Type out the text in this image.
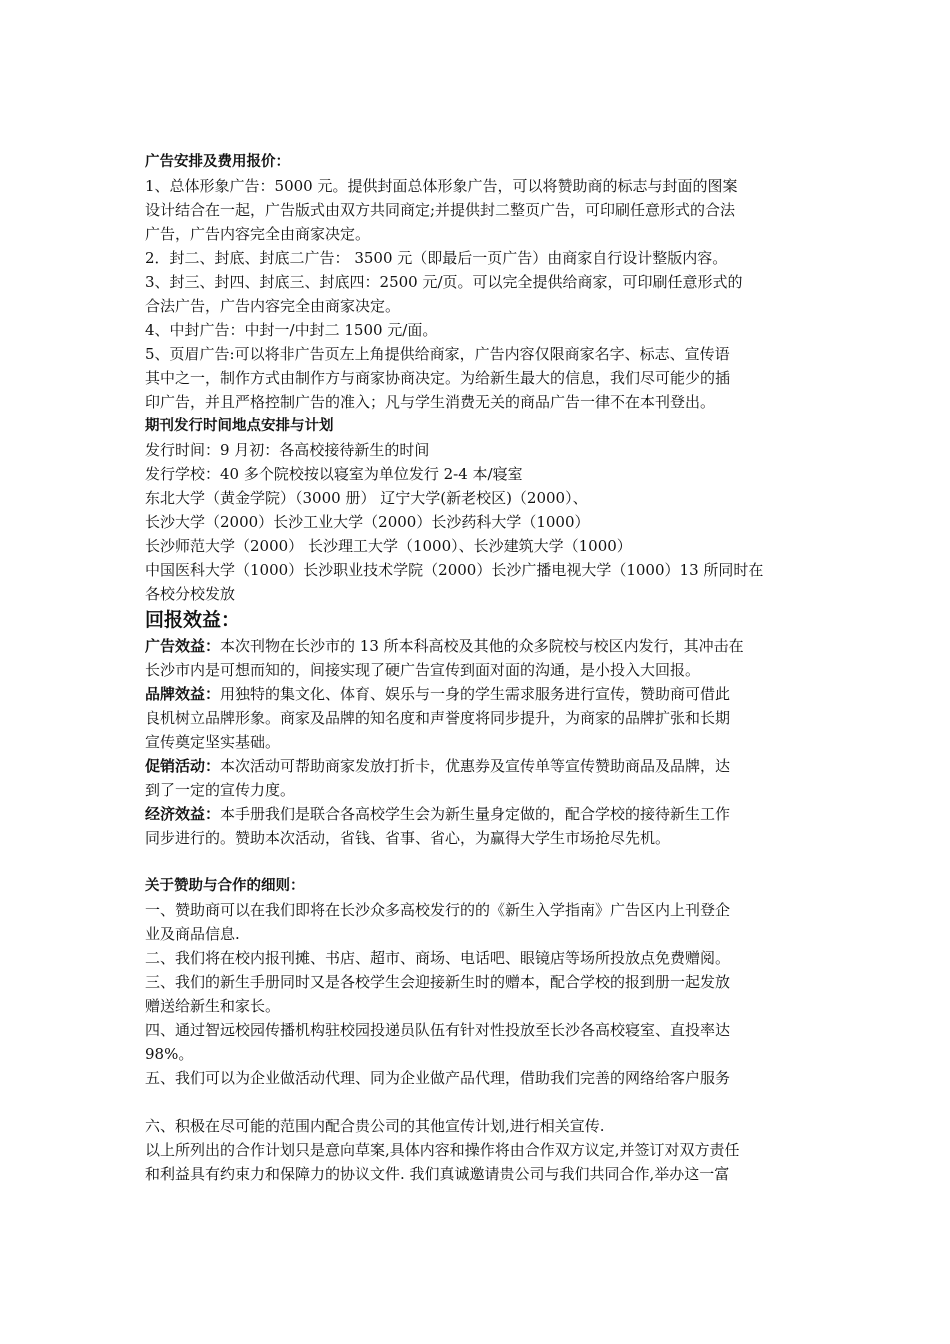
广告安排及费用报价：
1、总体形象广告：5000 元。提供封面总体形象广告，可以将赞助商的标志与封面的图案
设计结合在一起，广告版式由双方共同商定;并提供封二整页广告，可印刷任意形式的合法
广告，广告内容完全由商家决定。
2．封二、封底、封底二广告： 3500 元（即最后一页广告）由商家自行设计整版内容。
3、封三、封四、封底三、封底四：2500 元/页。可以完全提供给商家，可印刷任意形式的
合法广告，广告内容完全由商家决定。
4、中封广告：中封一/中封二 1500 元/面。
5、页眉广告:可以将非广告页左上角提供给商家，广告内容仅限商家名字、标志、宣传语
其中之一，制作方式由制作方与商家协商决定。为给新生最大的信息，我们尽可能少的插
印广告，并且严格控制广告的准入；凡与学生消费无关的商品广告一律不在本刊登出。
期刊发行时间地点安排与计划
发行时间：9 月初：各高校接待新生的时间
发行学校：40 多个院校按以寝室为单位发行 2-4 本/寝室
东北大学（黄金学院）（3000 册） 辽宁大学(新老校区)（2000）、
长沙大学（2000）长沙工业大学（2000）长沙药科大学（1000）
长沙师范大学（2000） 长沙理工大学（1000）、长沙建筑大学（1000）
中国医科大学（1000）长沙职业技术学院（2000）长沙广播电视大学（1000）13 所同时在
各校分校发放
回报效益：
广告效益：本次刊物在长沙市的 13 所本科高校及其他的众多院校与校区内发行，其冲击在
长沙市内是可想而知的，间接实现了硬广告宣传到面对面的沟通，是小投入大回报。
品牌效益：用独特的集文化、体育、娱乐与一身的学生需求服务进行宣传，赞助商可借此
良机树立品牌形象。商家及品牌的知名度和声誉度将同步提升，为商家的品牌扩张和长期
宣传奠定坚实基础。
促销活动：本次活动可帮助商家发放打折卡，优惠券及宣传单等宣传赞助商品及品牌，达
到了一定的宣传力度。
经济效益：本手册我们是联合各高校学生会为新生量身定做的，配合学校的接待新生工作
同步进行的。赞助本次活动，省钱、省事、省心，为赢得大学生市场抢尽先机。
关于赞助与合作的细则：
一、赞助商可以在我们即将在长沙众多高校发行的的《新生入学指南》广告区内上刊登企
业及商品信息.
二、我们将在校内报刊摊、书店、超市、商场、电话吧、眼镜店等场所投放点免费赠阅。
三、我们的新生手册同时又是各校学生会迎接新生时的赠本，配合学校的报到册一起发放
赠送给新生和家长。
四、通过智远校园传播机构驻校园投递员队伍有针对性投放至长沙各高校寝室、直投率达
98%。
五、我们可以为企业做活动代理、同为企业做产品代理，借助我们完善的网络给客户服务
六、积极在尽可能的范围内配合贵公司的其他宣传计划,进行相关宣传.
以上所列出的合作计划只是意向草案,具体内容和操作将由合作双方议定,并签订对双方责任
和利益具有约束力和保障力的协议文件. 我们真诚邀请贵公司与我们共同合作,举办这一富
